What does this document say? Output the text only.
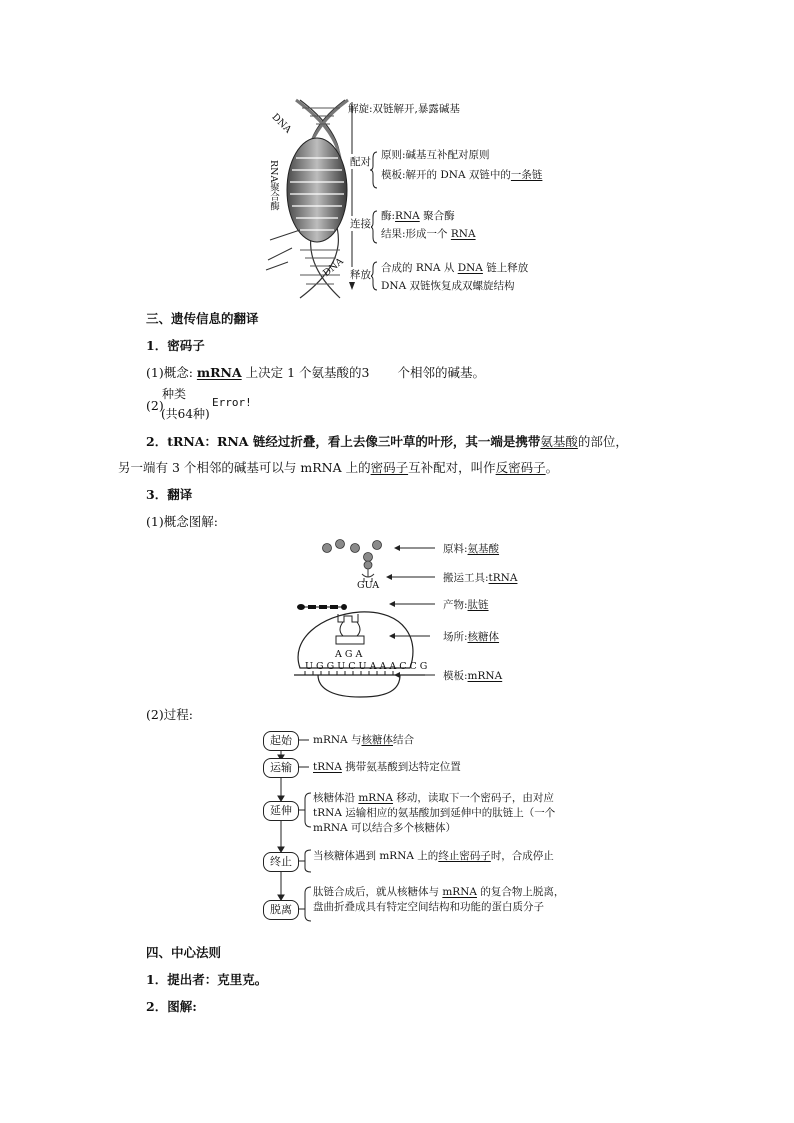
DNA
DNA
RNA聚合酶
解旋:双链解开,暴露碱基
配对
原则:碱基互补配对原则
模板:解开的 DNA 双链中的一条链
连接
酶:RNA 聚合酶
结果:形成一个 RNA
释放
合成的 RNA 从 DNA 链上释放
DNA 双链恢复成双螺旋结构
三、遗传信息的翻译
1．密码子
(1)概念: mRNA 上决定 1 个氨基酸的3 个相邻的碱基。
(2)
种类
(共64种)
Error!
2．tRNA：RNA 链经过折叠，看上去像三叶草的叶形，其一端是携带氨基酸的部位，
另一端有 3 个相邻的碱基可以与 mRNA 上的密码子互补配对，叫作反密码子。
3．翻译
(1)概念图解:
GUA
A G A
U G G U C U A A A C C G
原料:氨基酸
搬运工具:tRNA
产物:肽链
场所:核糖体
模板:mRNA
(2)过程:
起始
运输
延伸
终止
脱离
mRNA 与核糖体结合
tRNA 携带氨基酸到达特定位置
核糖体沿 mRNA 移动，读取下一个密码子，由对应 tRNA 运输相应的氨基酸加到延伸中的肽链上（一个 mRNA 可以结合多个核糖体）
当核糖体遇到 mRNA 上的终止密码子时，合成停止
肽链合成后，就从核糖体与 mRNA 的复合物上脱离，盘曲折叠成具有特定空间结构和功能的蛋白质分子
四、中心法则
1．提出者：克里克。
2．图解:
